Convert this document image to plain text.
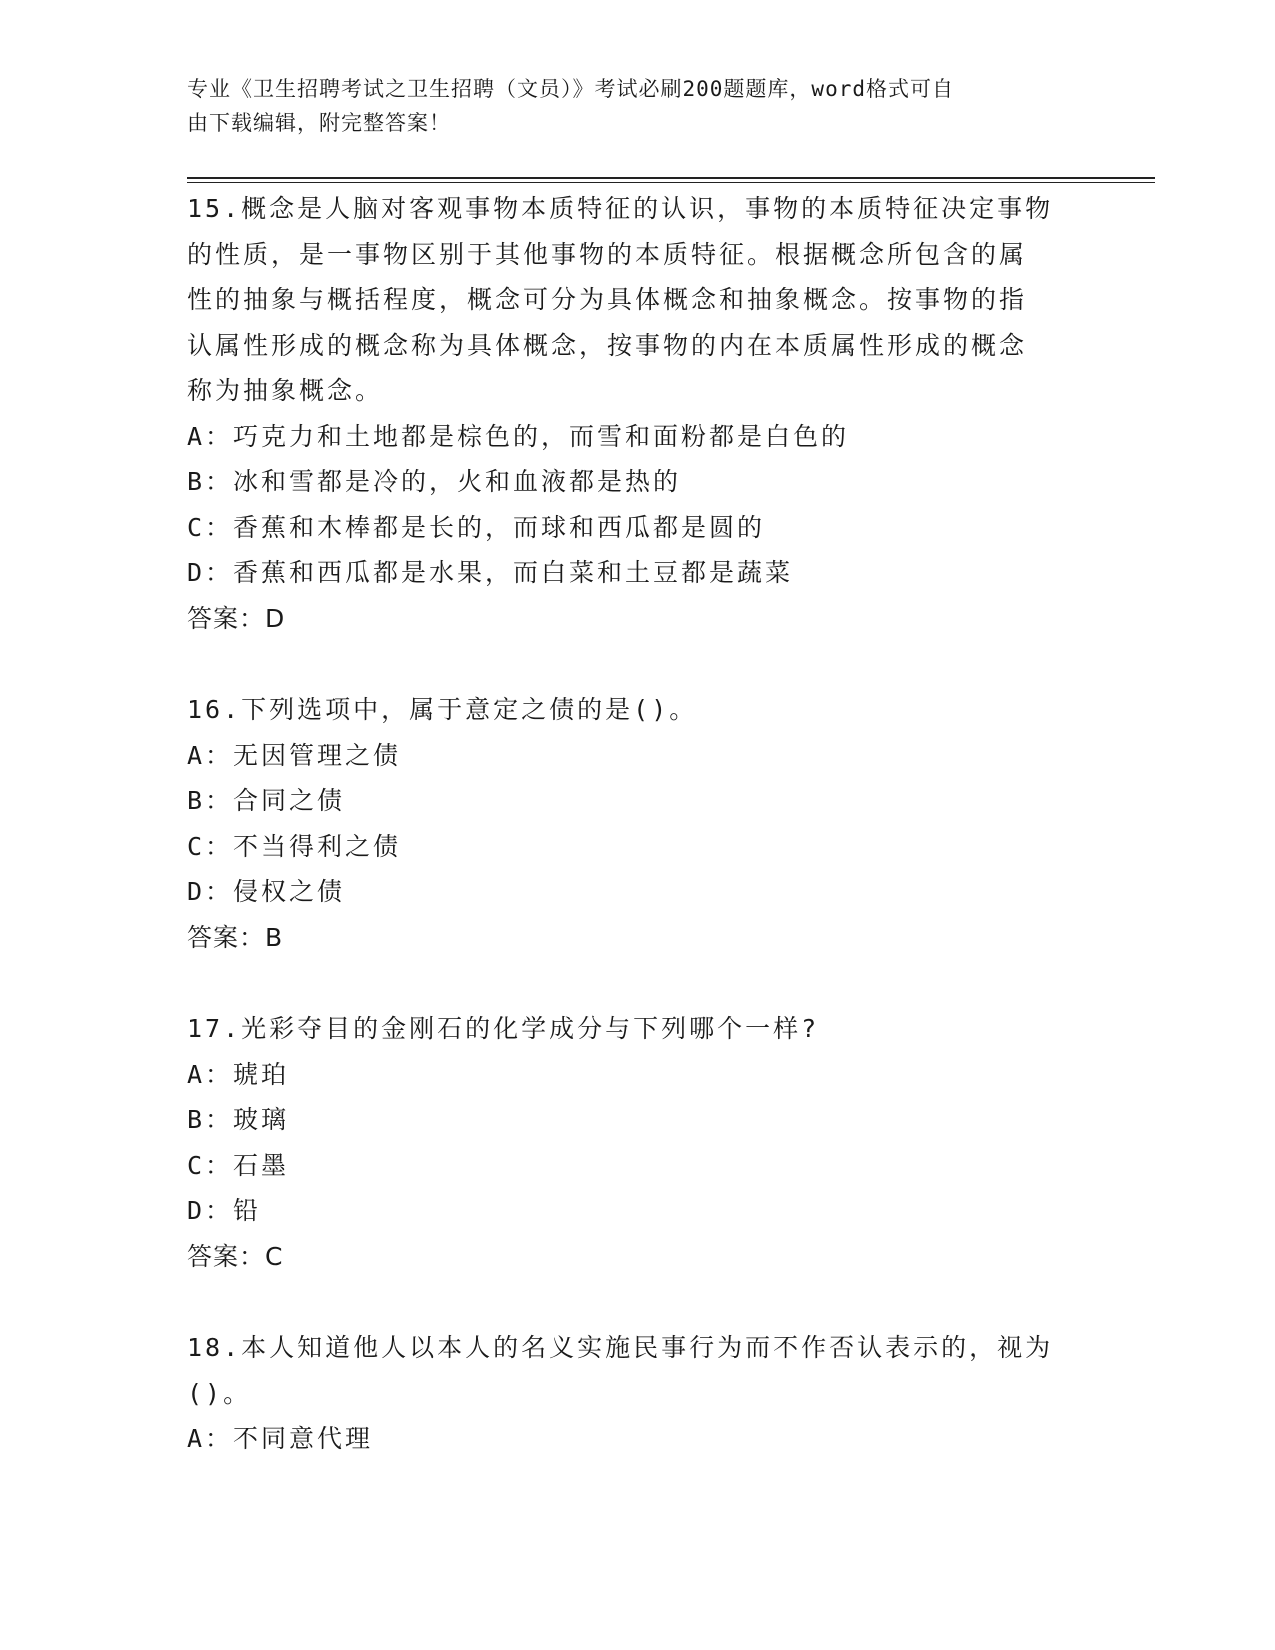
专业《卫生招聘考试之卫生招聘（文员）》考试必刷200题题库，word格式可自
由下载编辑，附完整答案！
15.概念是人脑对客观事物本质特征的认识，事物的本质特征决定事物
的性质，是一事物区别于其他事物的本质特征。根据概念所包含的属
性的抽象与概括程度，概念可分为具体概念和抽象概念。按事物的指
认属性形成的概念称为具体概念，按事物的内在本质属性形成的概念
称为抽象概念。
A：巧克力和土地都是棕色的，而雪和面粉都是白色的
B：冰和雪都是冷的，火和血液都是热的
C：香蕉和木棒都是长的，而球和西瓜都是圆的
D：香蕉和西瓜都是水果，而白菜和土豆都是蔬菜
答案：D
16.下列选项中，属于意定之债的是()。
A：无因管理之债
B：合同之债
C：不当得利之债
D：侵权之债
答案：B
17.光彩夺目的金刚石的化学成分与下列哪个一样?
A：琥珀
B：玻璃
C：石墨
D：铅
答案：C
18.本人知道他人以本人的名义实施民事行为而不作否认表示的，视为
()。
A：不同意代理
